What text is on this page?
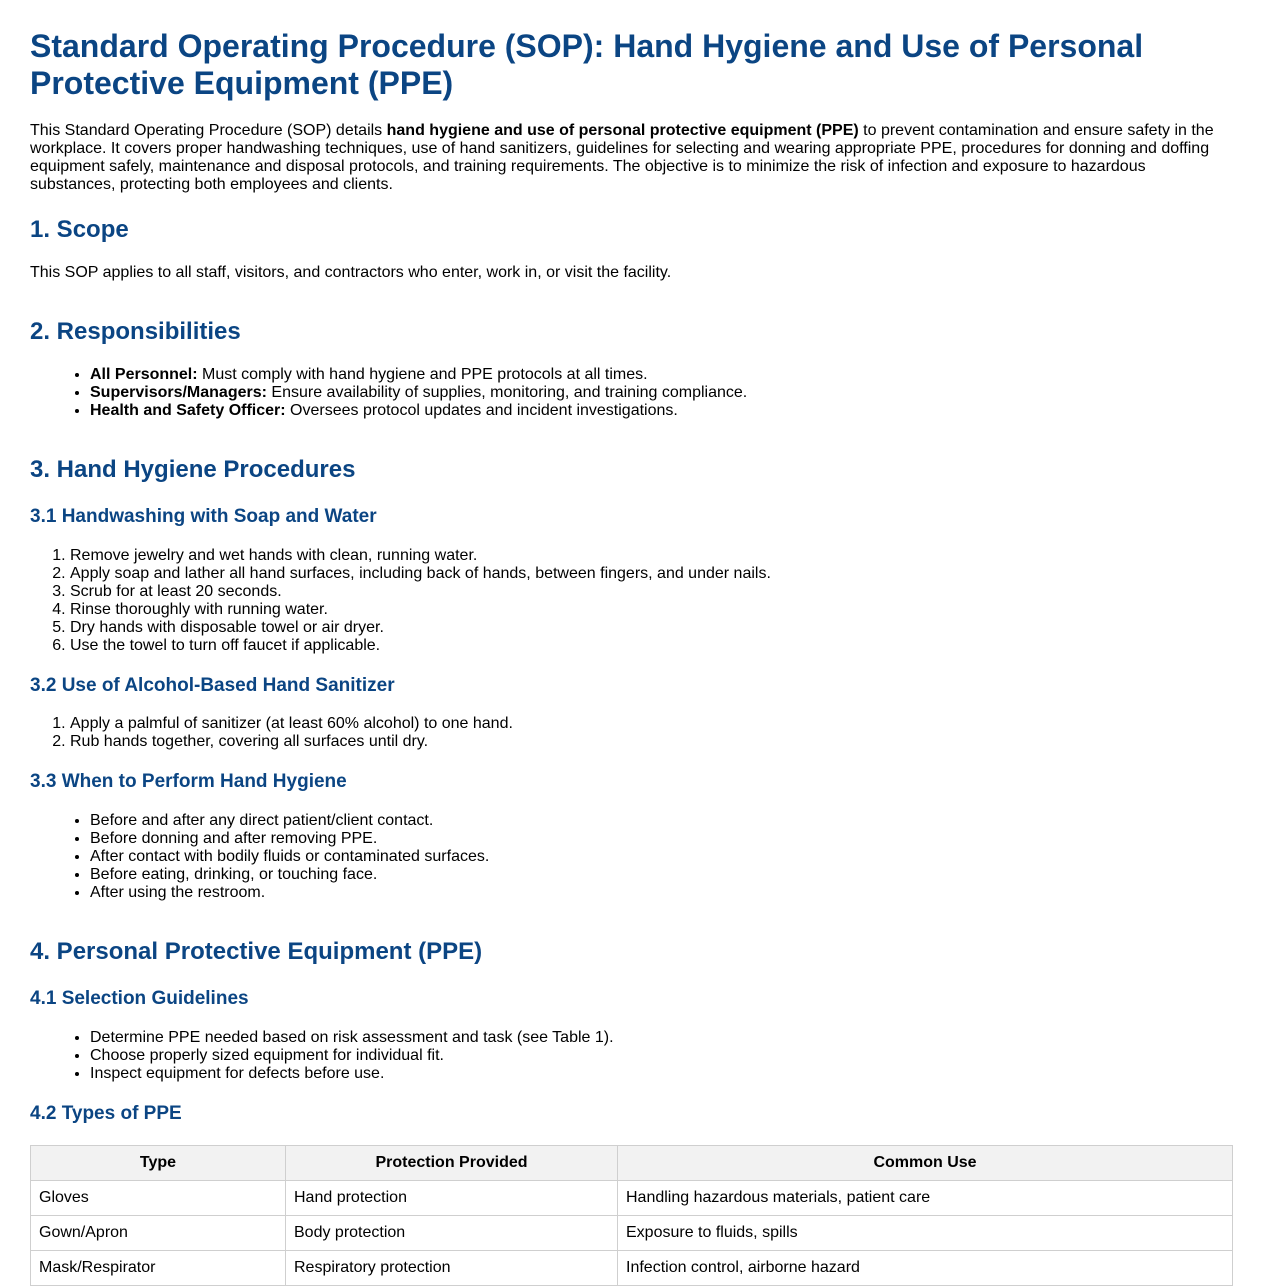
Standard Operating Procedure (SOP): Hand Hygiene and Use of Personal Protective Equipment (PPE)

This Standard Operating Procedure (SOP) details hand hygiene and use of personal protective equipment (PPE) to prevent contamination and ensure safety in the workplace. It covers proper handwashing techniques, use of hand sanitizers, guidelines for selecting and wearing appropriate PPE, procedures for donning and doffing equipment safely, maintenance and disposal protocols, and training requirements. The objective is to minimize the risk of infection and exposure to hazardous substances, protecting both employees and clients.

1. Scope

This SOP applies to all staff, visitors, and contractors who enter, work in, or visit the facility.

2. Responsibilities
• All Personnel: Must comply with hand hygiene and PPE protocols at all times.
• Supervisors/Managers: Ensure availability of supplies, monitoring, and training compliance.
• Health and Safety Officer: Oversees protocol updates and incident investigations.
3. Hand Hygiene Procedures
3.1 Handwashing with Soap and Water
1. Remove jewelry and wet hands with clean, running water.
2. Apply soap and lather all hand surfaces, including back of hands, between fingers, and under nails.
3. Scrub for at least 20 seconds.
4. Rinse thoroughly with running water.
5. Dry hands with disposable towel or air dryer.
6. Use the towel to turn off faucet if applicable.
3.2 Use of Alcohol-Based Hand Sanitizer
1. Apply a palmful of sanitizer (at least 60% alcohol) to one hand.
2. Rub hands together, covering all surfaces until dry.
3.3 When to Perform Hand Hygiene
• Before and after any direct patient/client contact.
• Before donning and after removing PPE.
• After contact with bodily fluids or contaminated surfaces.
• Before eating, drinking, or touching face.
• After using the restroom.
4. Personal Protective Equipment (PPE)
4.1 Selection Guidelines
• Determine PPE needed based on risk assessment and task (see Table 1).
• Choose properly sized equipment for individual fit.
• Inspect equipment for defects before use.
4.2 Types of PPE
Type	Protection Provided	Common Use
Gloves	Hand protection	Handling hazardous materials, patient care
Gown/Apron	Body protection	Exposure to fluids, spills
Mask/Respirator	Respiratory protection	Infection control, airborne hazard
